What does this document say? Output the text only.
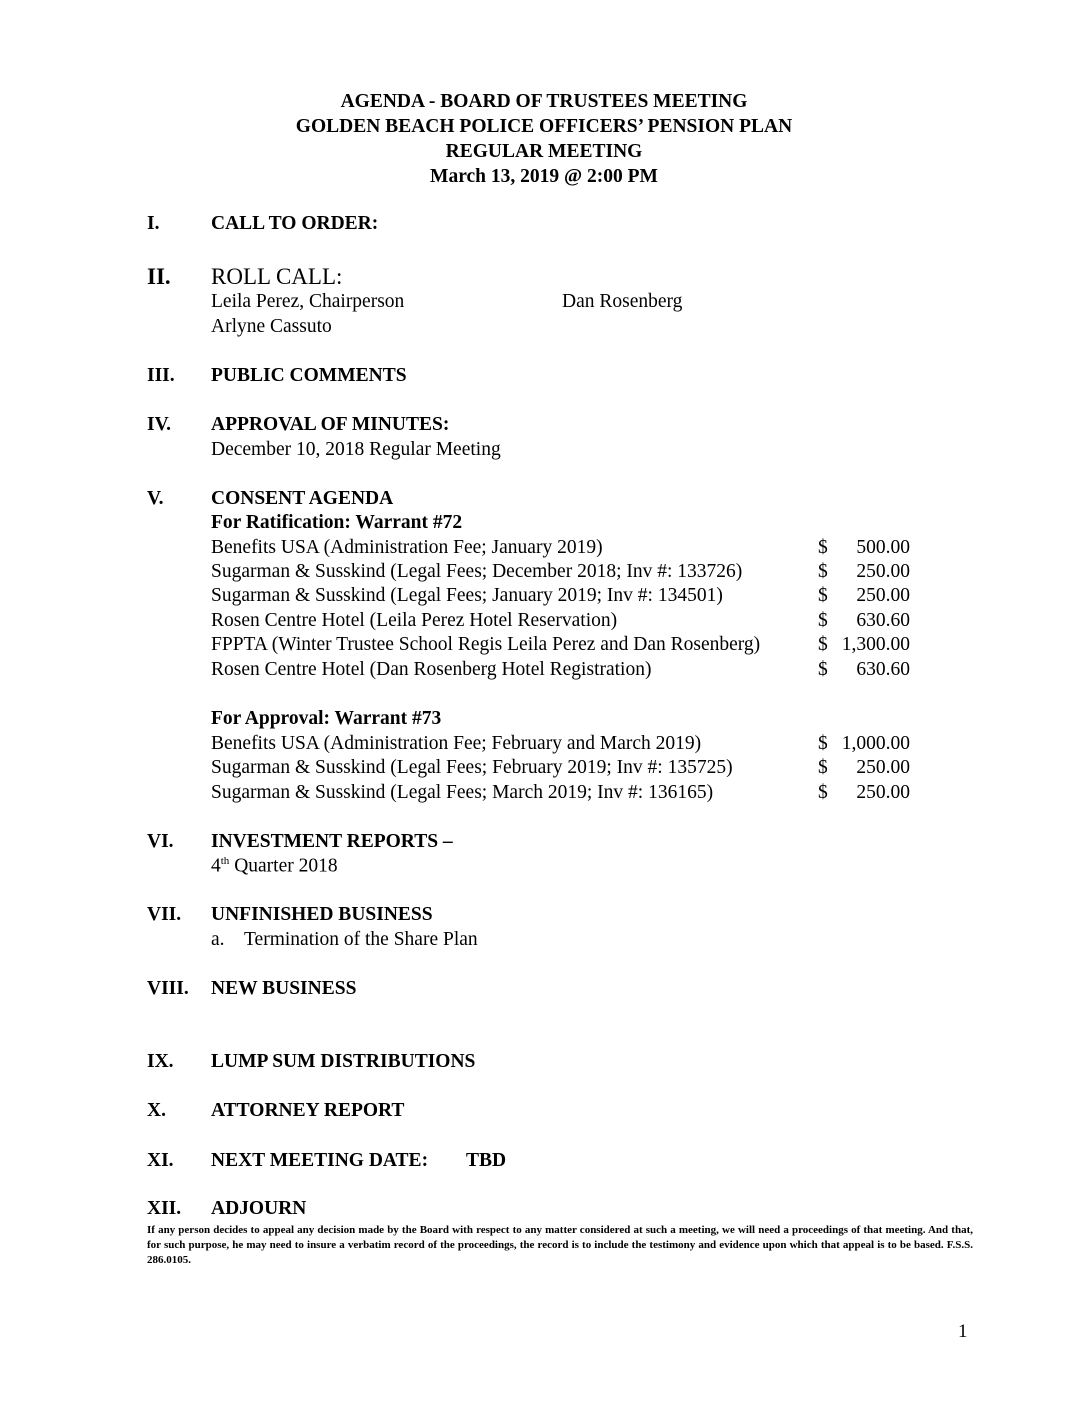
AGENDA - BOARD OF TRUSTEES MEETING
GOLDEN BEACH POLICE OFFICERS’ PENSION PLAN
REGULAR MEETING
March 13, 2019 @ 2:00 PM
I.	CALL TO ORDER:
II. ROLL CALL:
Leila Perez, Chairperson	Dan Rosenberg
Arlyne Cassuto
III. PUBLIC COMMENTS
IV. APPROVAL OF MINUTES:
December 10, 2018 Regular Meeting
V. CONSENT AGENDA
For Ratification: Warrant #72
Benefits USA (Administration Fee; January 2019)	$ 500.00
Sugarman & Susskind (Legal Fees; December 2018; Inv #: 133726)	$ 250.00
Sugarman & Susskind (Legal Fees; January 2019; Inv #: 134501)	$ 250.00
Rosen Centre Hotel (Leila Perez Hotel Reservation)	$ 630.60
FPPTA (Winter Trustee School Regis Leila Perez and Dan Rosenberg)	$ 1,300.00
Rosen Centre Hotel (Dan Rosenberg Hotel Registration)	$ 630.60
For Approval: Warrant #73
Benefits USA (Administration Fee; February and March 2019)	$ 1,000.00
Sugarman & Susskind (Legal Fees; February 2019; Inv #: 135725)	$ 250.00
Sugarman & Susskind (Legal Fees; March 2019; Inv #: 136165)	$ 250.00
VI. INVESTMENT REPORTS –
4th Quarter 2018
VII. UNFINISHED BUSINESS
a. Termination of the Share Plan
VIII. NEW BUSINESS
IX. LUMP SUM DISTRIBUTIONS
X. ATTORNEY REPORT
XI. NEXT MEETING DATE: TBD
XII. ADJOURN
If any person decides to appeal any decision made by the Board with respect to any matter considered at such a meeting, we will need a proceedings of that meeting. And that, for such purpose, he may need to insure a verbatim record of the proceedings, the record is to include the testimony and evidence upon which that appeal is to be based. F.S.S. 286.0105.
1
